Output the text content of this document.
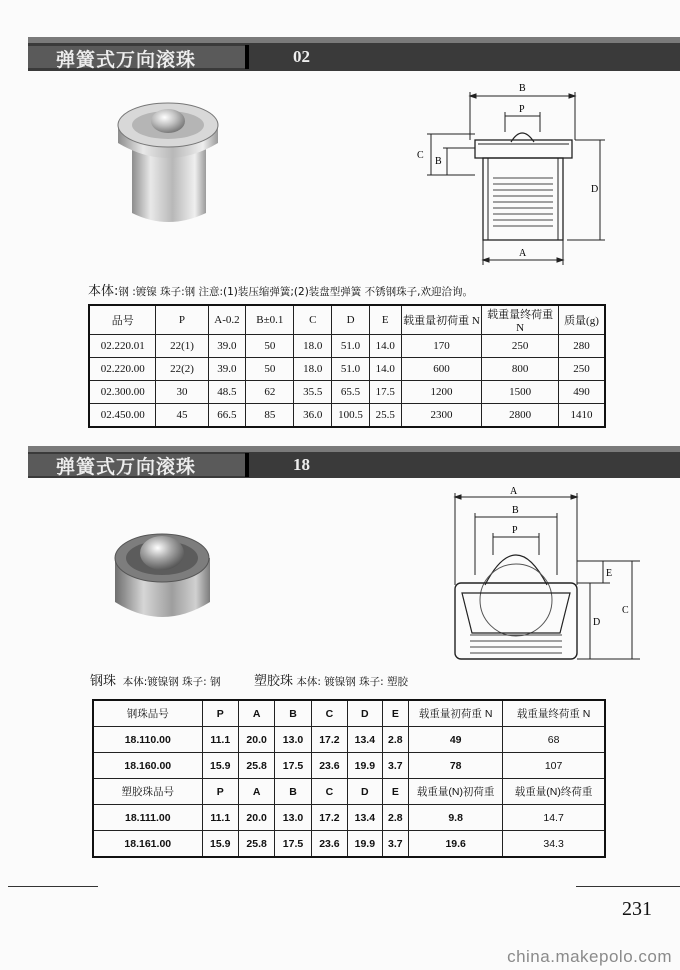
弹簧式万向滚珠	02
B
P
C
B
D
A
本体:钢 :镀镍 珠子:钢 注意:(1)装压缩弹簧;(2)装盘型弹簧 不锈钢珠子,欢迎洽询。
品号	P	A-0.2	B±0.1	C	D	E	载重量初荷重 N	载重量终荷重 N	质量(g)
02.220.01	22(1)	39.0	50	18.0	51.0	14.0	170	250	280
02.220.00	22(2)	39.0	50	18.0	51.0	14.0	600	800	250
02.300.00	30	48.5	62	35.5	65.5	17.5	1200	1500	490
02.450.00	45	66.5	85	36.0	100.5	25.5	2300	2800	1410
弹簧式万向滚珠	18
A
B
P
E
D
C
钢珠 本体:镀镍钢 珠子: 钢	塑胶珠 本体: 镀镍钢 珠子: 塑胶
钢珠品号	P	A	B	C	D	E	载重量初荷重 N	载重量终荷重 N
18.110.00	11.1	20.0	13.0	17.2	13.4	2.8	49	68
18.160.00	15.9	25.8	17.5	23.6	19.9	3.7	78	107
塑胶珠品号	P	A	B	C	D	E	载重量(N)初荷重	载重量(N)终荷重
18.111.00	11.1	20.0	13.0	17.2	13.4	2.8	9.8	14.7
18.161.00	15.9	25.8	17.5	23.6	19.9	3.7	19.6	34.3
231
china.makepolo.com
